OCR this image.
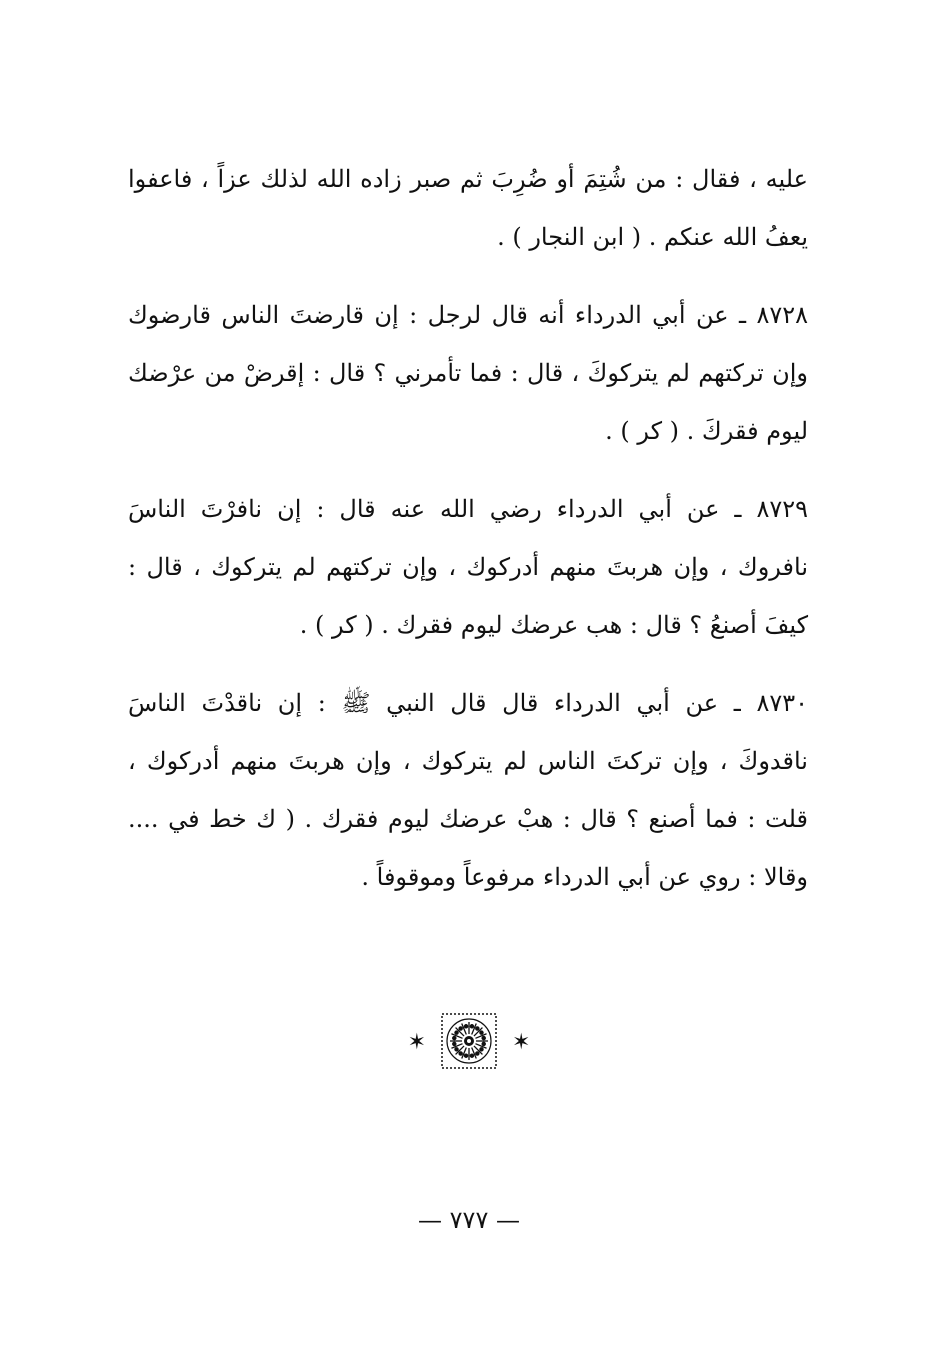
عليه ، فقال : من شُتِمَ أو ضُرِبَ ثم صبر زاده الله لذلك عزاً ، فاعفوا
يعفُ الله عنكم . ( ابن النجار ) .
٨٧٢٨ ـ عن أبي الدرداء أنه قال لرجل : إن قارضتَ الناس قارضوك
وإن تركتهم لم يتركوكَ ، قال : فما تأمرني ؟ قال : إقرضْ من عرْضك
ليوم فقركَ . ( كر ) .
٨٧٢٩ ـ عن أبي الدرداء رضي الله عنه قال : إن نافرْتَ الناسَ
نافروك ، وإن هربتَ منهم أدركوك ، وإن تركتهم لم يتركوك ، قال :
كيفَ أصنعُ ؟ قال : هب عرضك ليوم فقرك . ( كر ) .
٨٧٣٠ ـ عن أبي الدرداء قال قال النبي ﷺ : إن ناقدْتَ الناسَ
ناقدوكَ ، وإن تركتَ الناس لم يتركوك ، وإن هربتَ منهم أدركوك ،
قلت : فما أصنع ؟ قال : هبْ عرضك ليوم فقرك . ( ك خط في ....
وقالا : روي عن أبي الدرداء مرفوعاً وموقوفاً .
✶	✶
— ٧٧٧ —
